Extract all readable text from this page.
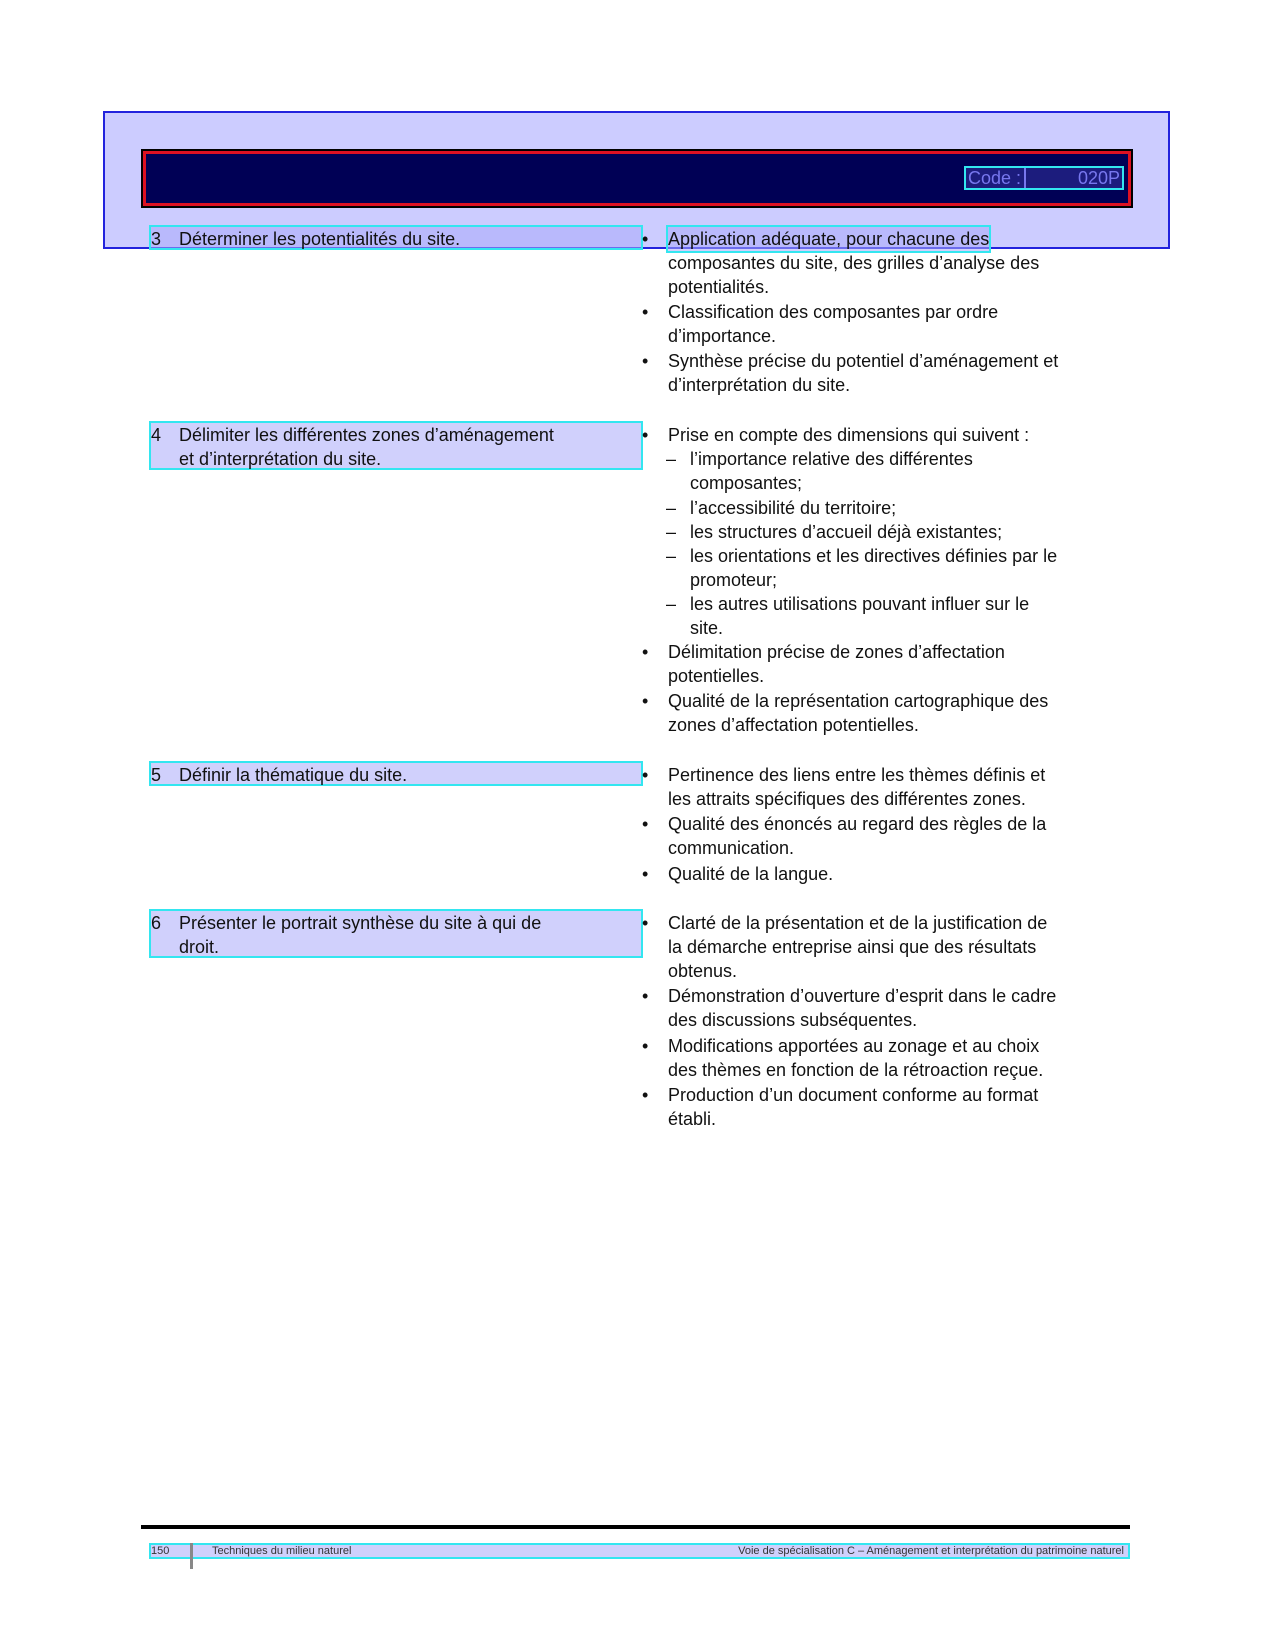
Code :	020P
3 Déterminer les potentialités du site.	•	Application adéquate, pour chacune des
composantes du site, des grilles d’analyse des
potentialités.
•	Classification des composantes par ordre
d’importance.
•	Synthèse précise du potentiel d’aménagement et
d’interprétation du site.
4 Délimiter les différentes zones d’aménagement
et d’interprétation du site.
•	Prise en compte des dimensions qui suivent :
– l’importance relative des différentes
composantes;
– l’accessibilité du territoire;
– les structures d’accueil déjà existantes;
– les orientations et les directives définies par le
promoteur;
– les autres utilisations pouvant influer sur le
site.
•	Délimitation précise de zones d’affectation
potentielles.
•	Qualité de la représentation cartographique des
zones d’affectation potentielles.
5 Définir la thématique du site.	•	Pertinence des liens entre les thèmes définis et
les attraits spécifiques des différentes zones.
•	Qualité des énoncés au regard des règles de la
communication.
•	Qualité de la langue.
6 Présenter le portrait synthèse du site à qui de
droit.
•	Clarté de la présentation et de la justification de
la démarche entreprise ainsi que des résultats
obtenus.
•	Démonstration d’ouverture d’esprit dans le cadre
des discussions subséquentes.
•	Modifications apportées au zonage et au choix
des thèmes en fonction de la rétroaction reçue.
•	Production d’un document conforme au format
établi.
150	Techniques du milieu naturel	Voie de spécialisation C – Aménagement et interprétation du patrimoine naturel
